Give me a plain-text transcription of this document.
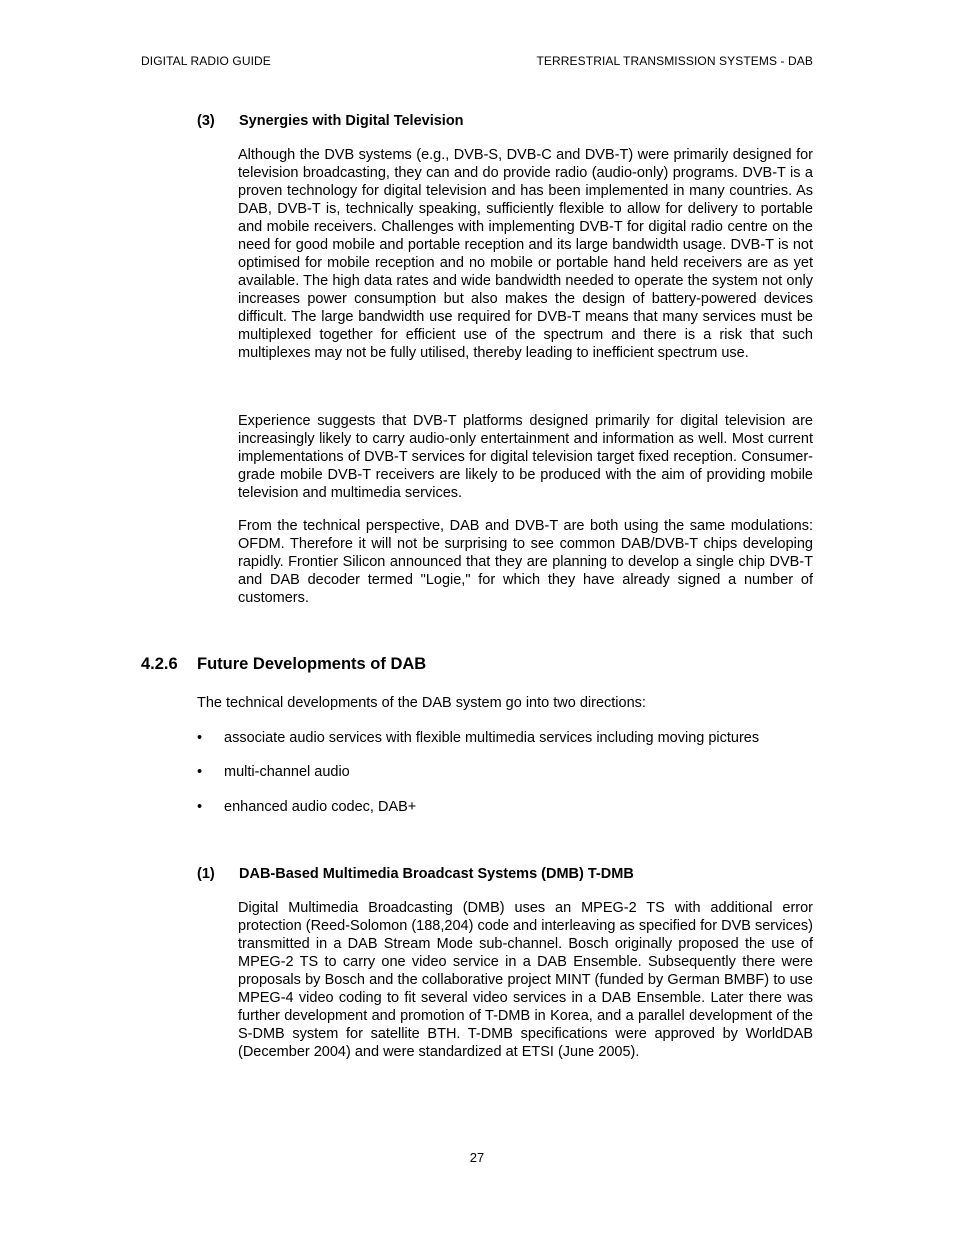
DIGITAL RADIO GUIDE	TERRESTRIAL TRANSMISSION SYSTEMS - DAB
(3) Synergies with Digital Television

Although the DVB systems (e.g., DVB-S, DVB-C and DVB-T) were primarily designed for television broadcasting, they can and do provide radio (audio-only) programs. DVB-T is a proven technology for digital television and has been implemented in many countries. As DAB, DVB-T is, technically speaking, sufficiently flexible to allow for delivery to portable and mobile receivers. Challenges with implementing DVB-T for digital radio centre on the need for good mobile and portable reception and its large bandwidth usage. DVB-T is not optimised for mobile reception and no mobile or portable hand held receivers are as yet available. The high data rates and wide bandwidth needed to operate the system not only increases power consumption but also makes the design of battery-powered devices difficult. The large bandwidth use required for DVB-T means that many services must be multiplexed together for efficient use of the spectrum and there is a risk that such multiplexes may not be fully utilised, thereby leading to inefficient spectrum use.

Experience suggests that DVB-T platforms designed primarily for digital television are increasingly likely to carry audio-only entertainment and information as well. Most current implementations of DVB-T services for digital television target fixed reception. Consumer-grade mobile DVB-T receivers are likely to be produced with the aim of providing mobile television and multimedia services.

From the technical perspective, DAB and DVB-T are both using the same modulations: OFDM. Therefore it will not be surprising to see common DAB/DVB-T chips developing rapidly. Frontier Silicon announced that they are planning to develop a single chip DVB-T and DAB decoder termed "Logie," for which they have already signed a number of customers.

4.2.6 Future Developments of DAB

The technical developments of the DAB system go into two directions:

• associate audio services with flexible multimedia services including moving pictures
• multi-channel audio
• enhanced audio codec, DAB+
(1) DAB-Based Multimedia Broadcast Systems (DMB) T-DMB

Digital Multimedia Broadcasting (DMB) uses an MPEG-2 TS with additional error protection (Reed-Solomon (188,204) code and interleaving as specified for DVB services) transmitted in a DAB Stream Mode sub-channel. Bosch originally proposed the use of MPEG-2 TS to carry one video service in a DAB Ensemble. Subsequently there were proposals by Bosch and the collaborative project MINT (funded by German BMBF) to use MPEG-4 video coding to fit several video services in a DAB Ensemble. Later there was further development and promotion of T-DMB in Korea, and a parallel development of the S-DMB system for satellite BTH. T-DMB specifications were approved by WorldDAB (December 2004) and were standardized at ETSI (June 2005).

27
